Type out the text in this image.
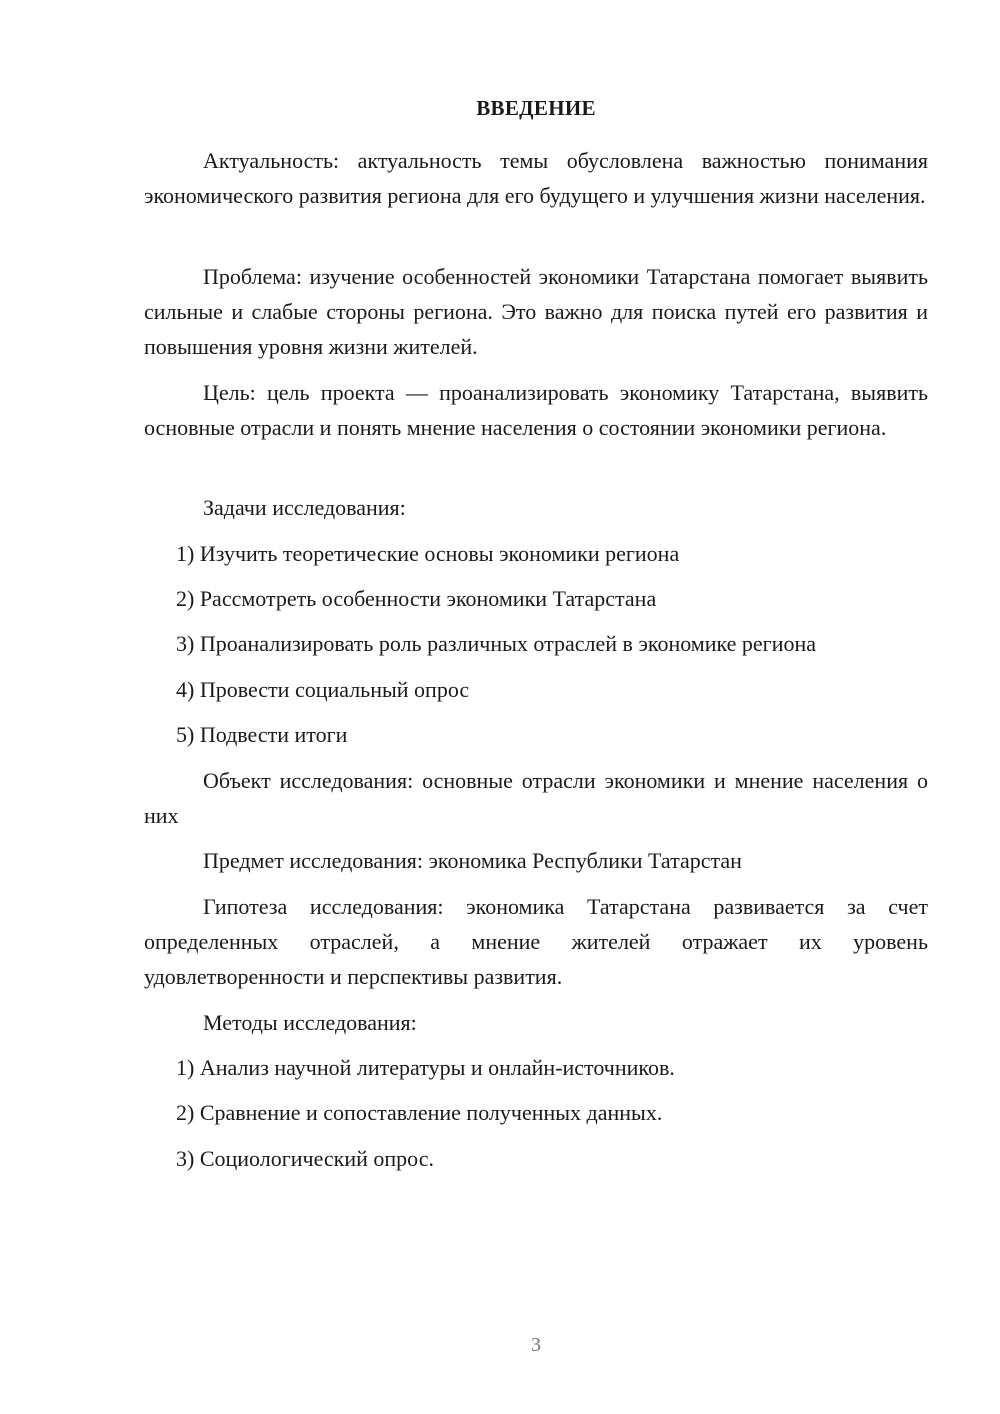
ВВЕДЕНИЕ

Актуальность: актуальность темы обусловлена важностью понимания экономического развития региона для его будущего и улучшения жизни населения.

Проблема: изучение особенностей экономики Татарстана помогает выявить сильные и слабые стороны региона. Это важно для поиска путей его развития и повышения уровня жизни жителей.

Цель: цель проекта — проанализировать экономику Татарстана, выявить основные отрасли и понять мнение населения о состоянии экономики региона.

Задачи исследования:

1) Изучить теоретические основы экономики региона
2) Рассмотреть особенности экономики Татарстана
3) Проанализировать роль различных отраслей в экономике региона
4) Провести социальный опрос
5) Подвести итоги

Объект исследования: основные отрасли экономики и мнение населения о них

Предмет исследования: экономика Республики Татарстан

Гипотеза исследования: экономика Татарстана развивается за счет определенных отраслей, а мнение жителей отражает их уровень удовлетворенности и перспективы развития.

Методы исследования:

1) Анализ научной литературы и онлайн-источников.
2) Сравнение и сопоставление полученных данных.
3) Социологический опрос.
3
